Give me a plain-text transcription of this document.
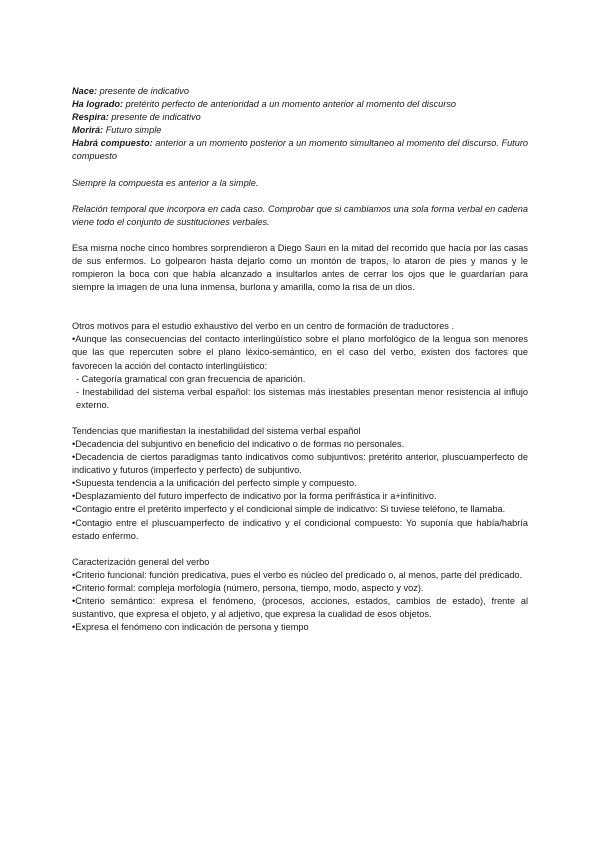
Nace: presente de indicativo

Ha logrado: pretérito perfecto de anterioridad a un momento anterior al momento del discurso

Respira: presente de indicativo

Morirá: Futuro simple

Habrá compuesto: anterior a un momento posterior a un momento simultaneo al momento del discurso. Futuro compuesto

Siempre la compuesta es anterior a la simple.

Relación temporal que incorpora en cada caso. Comprobar que si cambiamos una sola forma verbal en cadena viene todo el conjunto de sustituciones verbales.

Esa misma noche cinco hombres sorprendieron a Diego Sauri en la mitad del recorrido que hacía por las casas de sus enfermos. Lo golpearon hasta dejarlo como un montón de trapos, lo ataron de pies y manos y le rompieron la boca con que había alcanzado a insultarlos antes de cerrar los ojos que le guardarían para siempre la imagen de una luna inmensa, burlona y amarilla, como la risa de un dios.

Otros motivos para el estudio exhaustivo del verbo en un centro de formación de traductores .

•Aunque las consecuencias del contacto interlingüístico sobre el plano morfológico de la lengua son menores que las que repercuten sobre el plano léxico-semántico, en el caso del verbo, existen dos factores que favorecen la acción del contacto interlingüístico:

- Categoría gramatical con gran frecuencia de aparición.

- Inestabilidad del sistema verbal español: los sistemas más inestables presentan menor resistencia al influjo externo.

Tendencias que manifiestan la inestabilidad del sistema verbal español

•Decadencia del subjuntivo en beneficio del indicativo o de formas no personales.

•Decadencia de ciertos paradigmas tanto indicativos como subjuntivos: pretérito anterior, pluscuamperfecto de indicativo y futuros (imperfecto y perfecto) de subjuntivo.

•Supuesta tendencia a la unificación del perfecto simple y compuesto.

•Desplazamiento del futuro imperfecto de indicativo por la forma perifrástica ir a+infinitivo.

•Contagio entre el pretérito imperfecto y el condicional simple de indicativo: Si tuviese teléfono, te llamaba.

•Contagio entre el pluscuamperfecto de indicativo y el condicional compuesto: Yo suponía que había/habría estado enfermo.

Caracterización general del verbo

•Criterio funcional: función predicativa, pues el verbo es núcleo del predicado o, al menos, parte del predicado.

•Criterio formal: compleja morfología (número, persona, tiempo, modo, aspecto y voz).

•Criterio semántico: expresa el fenómeno, (procesos, acciones, estados, cambios de estado), frente al sustantivo, que expresa el objeto, y al adjetivo, que expresa la cualidad de esos objetos.

•Expresa el fenómeno con indicación de persona y tiempo
